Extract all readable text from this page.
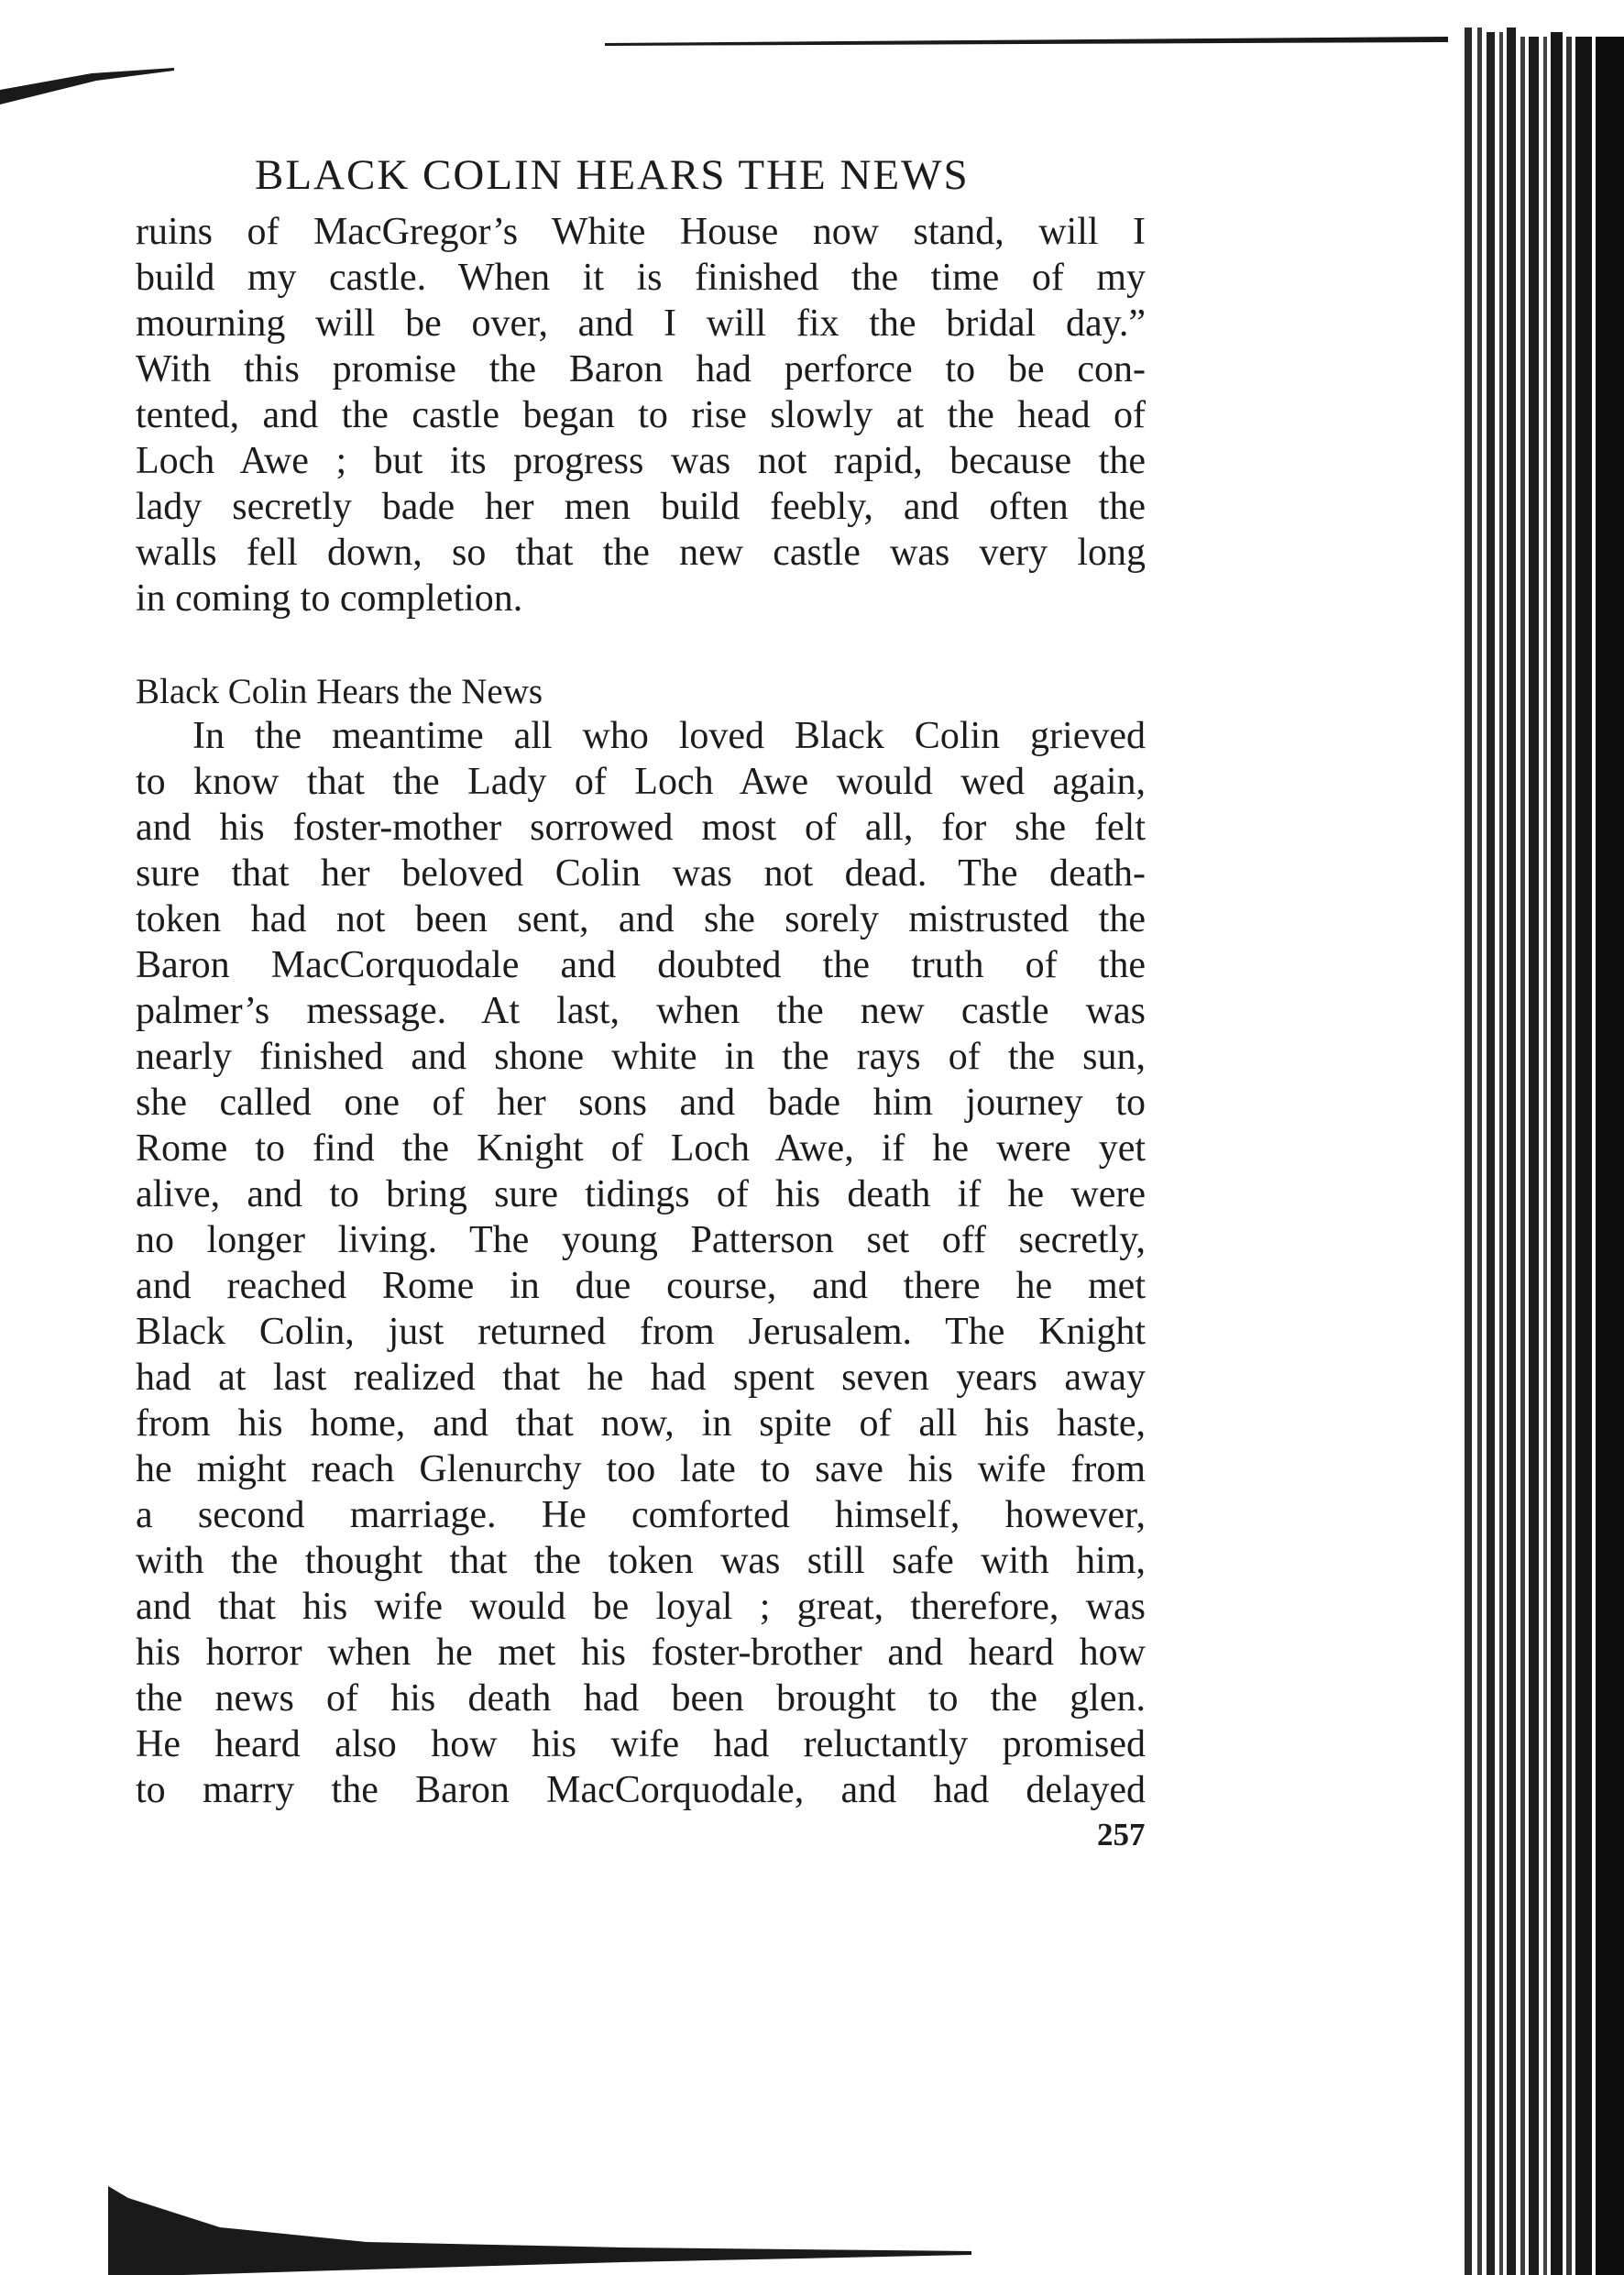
BLACK COLIN HEARS THE NEWS
ruins of MacGregor’s White House now stand, will I
build my castle. When it is finished the time of my
mourning will be over, and I will fix the bridal day.”
With this promise the Baron had perforce to be con-
tented, and the castle began to rise slowly at the head of
Loch Awe ; but its progress was not rapid, because the
lady secretly bade her men build feebly, and often the
walls fell down, so that the new castle was very long
in coming to completion.
Black Colin Hears the News
In the meantime all who loved Black Colin grieved
to know that the Lady of Loch Awe would wed again,
and his foster-mother sorrowed most of all, for she felt
sure that her beloved Colin was not dead. The death-
token had not been sent, and she sorely mistrusted the
Baron MacCorquodale and doubted the truth of the
palmer’s message. At last, when the new castle was
nearly finished and shone white in the rays of the sun,
she called one of her sons and bade him journey to
Rome to find the Knight of Loch Awe, if he were yet
alive, and to bring sure tidings of his death if he were
no longer living. The young Patterson set off secretly,
and reached Rome in due course, and there he met
Black Colin, just returned from Jerusalem. The Knight
had at last realized that he had spent seven years away
from his home, and that now, in spite of all his haste,
he might reach Glenurchy too late to save his wife from
a second marriage. He comforted himself, however,
with the thought that the token was still safe with him,
and that his wife would be loyal ; great, therefore, was
his horror when he met his foster-brother and heard how
the news of his death had been brought to the glen.
He heard also how his wife had reluctantly promised
to marry the Baron MacCorquodale, and had delayed
257
